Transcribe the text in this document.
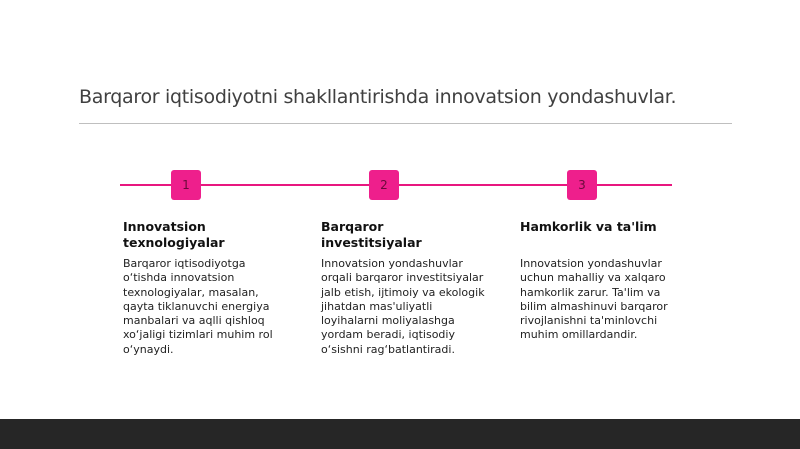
Barqaror iqtisodiyotni shakllantirishda innovatsion yondashuvlar.
1	2	3

Innovatsion texnologiyalar

Barqaror iqtisodiyotga o‘tishda innovatsion texnologiyalar, masalan, qayta tiklanuvchi energiya manbalari va aqlli qishloq xo‘jaligi tizimlari muhim rol o‘ynaydi.

Barqaror investitsiyalar

Innovatsion yondashuvlar orqali barqaror investitsiyalar jalb etish, ijtimoiy va ekologik jihatdan mas'uliyatli loyihalarni moliyalashga yordam beradi, iqtisodiy o‘sishni rag‘batlantiradi.

Hamkorlik va ta'lim

Innovatsion yondashuvlar uchun mahalliy va xalqaro hamkorlik zarur. Ta'lim va bilim almashinuvi barqaror rivojlanishni ta'minlovchi muhim omillardandir.
